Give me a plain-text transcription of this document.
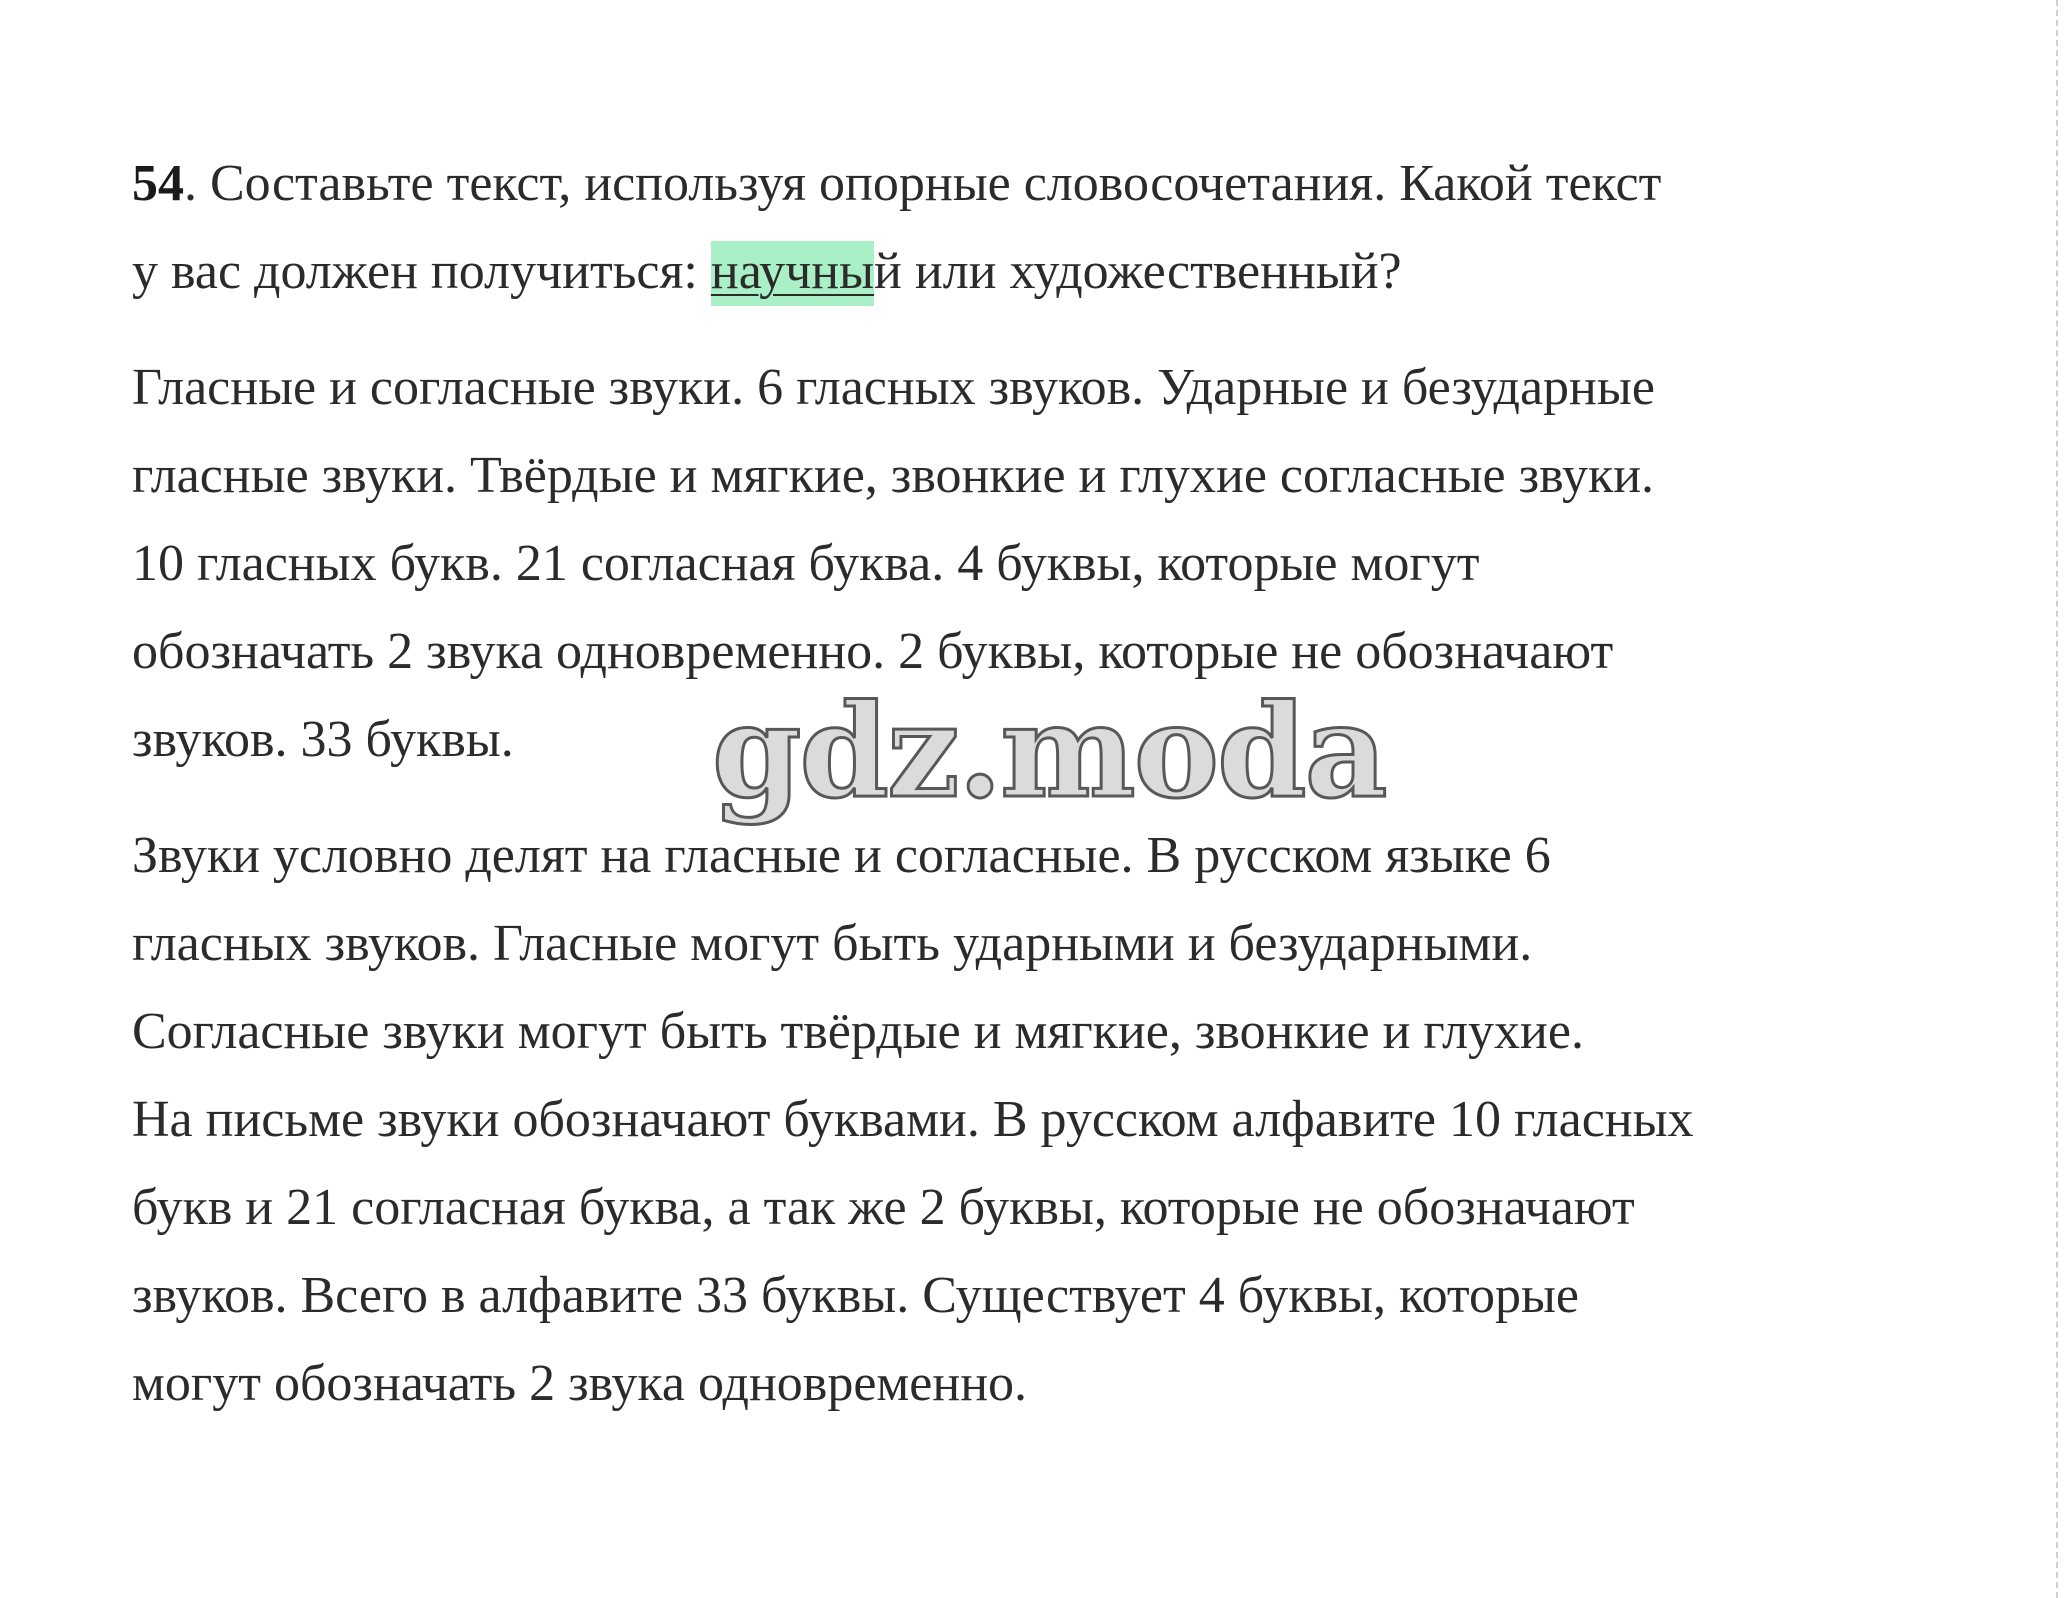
54. Составьте текст, используя опорные словосочетания. Какой текст
у вас должен получиться: научный или художественный?
Гласные и согласные звуки. 6 гласных звуков. Ударные и безударные
гласные звуки. Твёрдые и мягкие, звонкие и глухие согласные звуки.
10 гласных букв. 21 согласная буква. 4 буквы, которые могут
обозначать 2 звука одновременно. 2 буквы, которые не обозначают
звуков. 33 буквы.
Звуки условно делят на гласные и согласные. В русском языке 6
гласных звуков. Гласные могут быть ударными и безударными.
Согласные звуки могут быть твёрдые и мягкие, звонкие и глухие.
На письме звуки обозначают буквами. В русском алфавите 10 гласных
букв и 21 согласная буква, а так же 2 буквы, которые не обозначают
звуков. Всего в алфавите 33 буквы. Существует 4 буквы, которые
могут обозначать 2 звука одновременно.
gdz.moda
